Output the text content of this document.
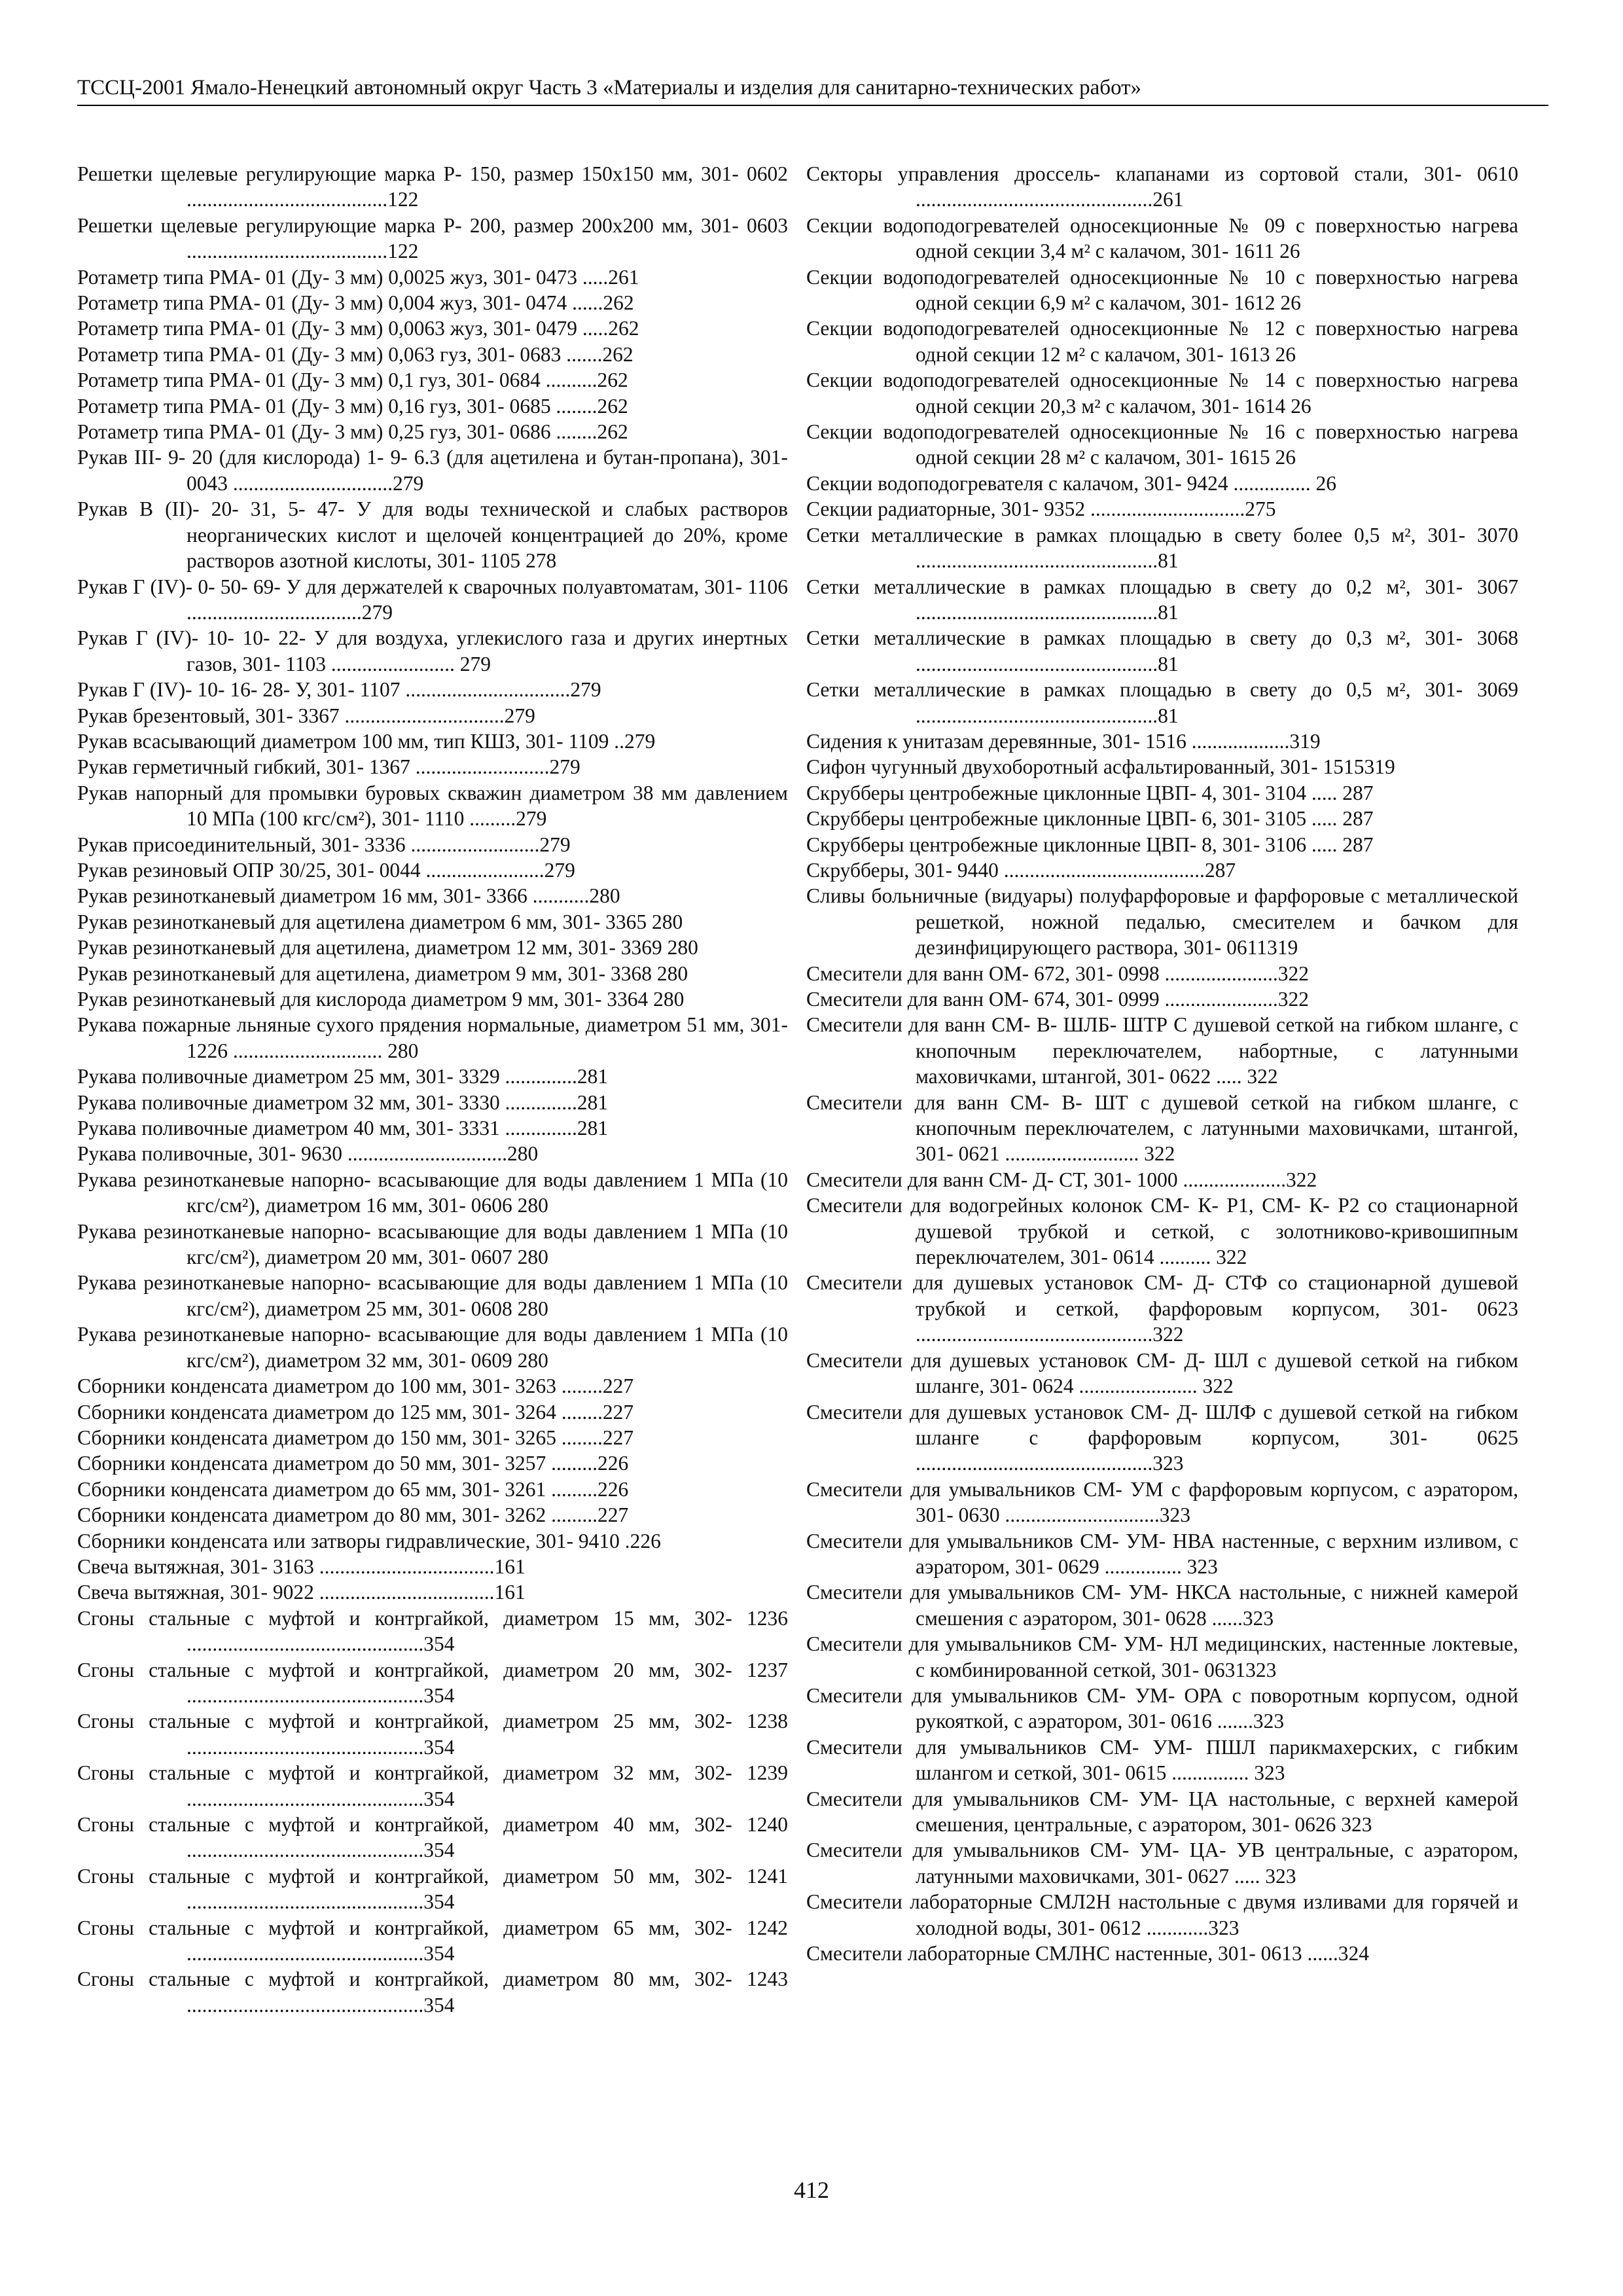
ТССЦ-2001 Ямало-Ненецкий автономный округ Часть 3 «Материалы и изделия для санитарно-технических работ»

Решетки щелевые регулирующие марка Р- 150, размер 150x150 мм, 301- 0602 .......................................122

Решетки щелевые регулирующие марка Р- 200, размер 200x200 мм, 301- 0603 .......................................122

Ротаметр типа РМА- 01 (Ду- 3 мм) 0,0025 жуз, 301- 0473 .....261

Ротаметр типа РМА- 01 (Ду- 3 мм) 0,004 жуз, 301- 0474 ......262

Ротаметр типа РМА- 01 (Ду- 3 мм) 0,0063 жуз, 301- 0479 .....262

Ротаметр типа РМА- 01 (Ду- 3 мм) 0,063 гуз, 301- 0683 .......262

Ротаметр типа РМА- 01 (Ду- 3 мм) 0,1 гуз, 301- 0684 ..........262

Ротаметр типа РМА- 01 (Ду- 3 мм) 0,16 гуз, 301- 0685 ........262

Ротаметр типа РМА- 01 (Ду- 3 мм) 0,25 гуз, 301- 0686 ........262

Рукав III- 9- 20 (для кислорода) 1- 9- 6.3 (для ацетилена и бутан-пропана), 301- 0043 ...............................279

Рукав В (II)- 20- 31, 5- 47- У для воды технической и слабых растворов неорганических кислот и щелочей концентрацией до 20%, кроме растворов азотной кислоты, 301- 1105 278

Рукав Г (IV)- 0- 50- 69- У для держателей к сварочных полуавтоматам, 301- 1106 ..................................279

Рукав Г (IV)- 10- 10- 22- У для воздуха, углекислого газа и других инертных газов, 301- 1103 ........................ 279

Рукав Г (IV)- 10- 16- 28- У, 301- 1107 ................................279

Рукав брезентовый, 301- 3367 ...............................279

Рукав всасывающий диаметром 100 мм, тип КШЗ, 301- 1109 ..279

Рукав герметичный гибкий, 301- 1367 ..........................279

Рукав напорный для промывки буровых скважин диаметром 38 мм давлением 10 МПа (100 кгс/см²), 301- 1110 .........279

Рукав присоединительный, 301- 3336 .........................279

Рукав резиновый ОПР 30/25, 301- 0044 .......................279

Рукав резинотканевый диаметром 16 мм, 301- 3366 ...........280

Рукав резинотканевый для ацетилена диаметром 6 мм, 301- 3365 280

Рукав резинотканевый для ацетилена, диаметром 12 мм, 301- 3369 280

Рукав резинотканевый для ацетилена, диаметром 9 мм, 301- 3368 280

Рукав резинотканевый для кислорода диаметром 9 мм, 301- 3364 280

Рукава пожарные льняные сухого прядения нормальные, диаметром 51 мм, 301- 1226 ............................. 280

Рукава поливочные диаметром 25 мм, 301- 3329 ..............281

Рукава поливочные диаметром 32 мм, 301- 3330 ..............281

Рукава поливочные диаметром 40 мм, 301- 3331 ..............281

Рукава поливочные, 301- 9630 ...............................280

Рукава резинотканевые напорно- всасывающие для воды давлением 1 МПа (10 кгс/см²), диаметром 16 мм, 301- 0606 280

Рукава резинотканевые напорно- всасывающие для воды давлением 1 МПа (10 кгс/см²), диаметром 20 мм, 301- 0607 280

Рукава резинотканевые напорно- всасывающие для воды давлением 1 МПа (10 кгс/см²), диаметром 25 мм, 301- 0608 280

Рукава резинотканевые напорно- всасывающие для воды давлением 1 МПа (10 кгс/см²), диаметром 32 мм, 301- 0609 280

Сборники конденсата диаметром до 100 мм, 301- 3263 ........227

Сборники конденсата диаметром до 125 мм, 301- 3264 ........227

Сборники конденсата диаметром до 150 мм, 301- 3265 ........227

Сборники конденсата диаметром до 50 мм, 301- 3257 .........226

Сборники конденсата диаметром до 65 мм, 301- 3261 .........226

Сборники конденсата диаметром до 80 мм, 301- 3262 .........227

Сборники конденсата или затворы гидравлические, 301- 9410 .226

Свеча вытяжная, 301- 3163 ..................................161

Свеча вытяжная, 301- 9022 ..................................161

Сгоны стальные с муфтой и контргайкой, диаметром 15 мм, 302- 1236 ..............................................354

Сгоны стальные с муфтой и контргайкой, диаметром 20 мм, 302- 1237 ..............................................354

Сгоны стальные с муфтой и контргайкой, диаметром 25 мм, 302- 1238 ..............................................354

Сгоны стальные с муфтой и контргайкой, диаметром 32 мм, 302- 1239 ..............................................354

Сгоны стальные с муфтой и контргайкой, диаметром 40 мм, 302- 1240 ..............................................354

Сгоны стальные с муфтой и контргайкой, диаметром 50 мм, 302- 1241 ..............................................354

Сгоны стальные с муфтой и контргайкой, диаметром 65 мм, 302- 1242 ..............................................354

Сгоны стальные с муфтой и контргайкой, диаметром 80 мм, 302- 1243 ..............................................354

Секторы управления дроссель- клапанами из сортовой стали, 301- 0610 ..............................................261

Секции водоподогревателей односекционные № 09 с поверхностью нагрева одной секции 3,4 м² с калачом, 301- 1611 26

Секции водоподогревателей односекционные № 10 с поверхностью нагрева одной секции 6,9 м² с калачом, 301- 1612 26

Секции водоподогревателей односекционные № 12 с поверхностью нагрева одной секции 12 м² с калачом, 301- 1613 26

Секции водоподогревателей односекционные № 14 с поверхностью нагрева одной секции 20,3 м² с калачом, 301- 1614 26

Секции водоподогревателей односекционные № 16 с поверхностью нагрева одной секции 28 м² с калачом, 301- 1615 26

Секции водоподогревателя с калачом, 301- 9424 ............... 26

Секции радиаторные, 301- 9352 ..............................275

Сетки металлические в рамках площадью в свету более 0,5 м², 301- 3070 ...............................................81

Сетки металлические в рамках площадью в свету до 0,2 м², 301- 3067 ...............................................81

Сетки металлические в рамках площадью в свету до 0,3 м², 301- 3068 ...............................................81

Сетки металлические в рамках площадью в свету до 0,5 м², 301- 3069 ...............................................81

Сидения к унитазам деревянные, 301- 1516 ...................319

Сифон чугунный двухоборотный асфальтированный, 301- 1515319

Скрубберы центробежные циклонные ЦВП- 4, 301- 3104 ..... 287

Скрубберы центробежные циклонные ЦВП- 6, 301- 3105 ..... 287

Скрубберы центробежные циклонные ЦВП- 8, 301- 3106 ..... 287

Скрубберы, 301- 9440 .......................................287

Сливы больничные (видуары) полуфарфоровые и фарфоровые с металлической решеткой, ножной педалью, смесителем и бачком для дезинфицирующего раствора, 301- 0611319

Смесители для ванн ОМ- 672, 301- 0998 ......................322

Смесители для ванн ОМ- 674, 301- 0999 ......................322

Смесители для ванн СМ- В- ШЛБ- ШТР С душевой сеткой на гибком шланге, с кнопочным переключателем, набортные, с латунными маховичками, штангой, 301- 0622 ..... 322

Смесители для ванн СМ- В- ШТ с душевой сеткой на гибком шланге, с кнопочным переключателем, с латунными маховичками, штангой, 301- 0621 .......................... 322

Смесители для ванн СМ- Д- СТ, 301- 1000 ....................322

Смесители для водогрейных колонок СМ- К- Р1, СМ- К- Р2 со стационарной душевой трубкой и сеткой, с золотниково-кривошипным переключателем, 301- 0614 .......... 322

Смесители для душевых установок СМ- Д- СТФ со стационарной душевой трубкой и сеткой, фарфоровым корпусом, 301- 0623 ..............................................322

Смесители для душевых установок СМ- Д- ШЛ с душевой сеткой на гибком шланге, 301- 0624 ....................... 322

Смесители для душевых установок СМ- Д- ШЛФ с душевой сеткой на гибком шланге с фарфоровым корпусом, 301- 0625 ..............................................323

Смесители для умывальников СМ- УМ с фарфоровым корпусом, с аэратором, 301- 0630 ..............................323

Смесители для умывальников СМ- УМ- НВА настенные, с верхним изливом, с аэратором, 301- 0629 ............... 323

Смесители для умывальников СМ- УМ- НКСА настольные, с нижней камерой смешения с аэратором, 301- 0628 ......323

Смесители для умывальников СМ- УМ- НЛ медицинских, настенные локтевые, с комбинированной сеткой, 301- 0631323

Смесители для умывальников СМ- УМ- ОРА с поворотным корпусом, одной рукояткой, с аэратором, 301- 0616 .......323

Смесители для умывальников СМ- УМ- ПШЛ парикмахерских, с гибким шлангом и сеткой, 301- 0615 ............... 323

Смесители для умывальников СМ- УМ- ЦА настольные, с верхней камерой смешения, центральные, с аэратором, 301- 0626 323

Смесители для умывальников СМ- УМ- ЦА- УВ центральные, с аэратором, латунными маховичками, 301- 0627 ..... 323

Смесители лабораторные СМЛ2Н настольные с двумя изливами для горячей и холодной воды, 301- 0612 ............323

Смесители лабораторные СМЛНС настенные, 301- 0613 ......324

412
